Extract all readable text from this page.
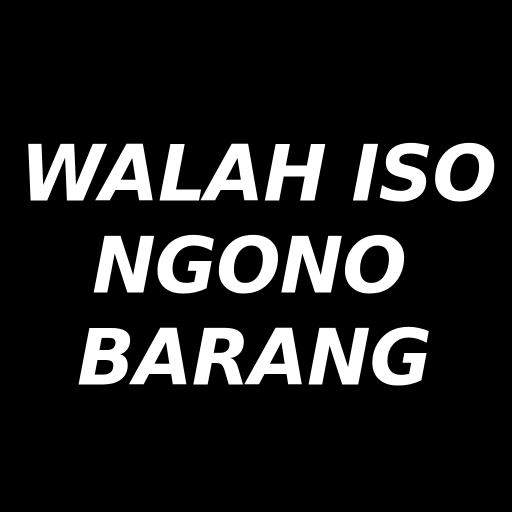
WALAH ISO
NGONO
BARANG
